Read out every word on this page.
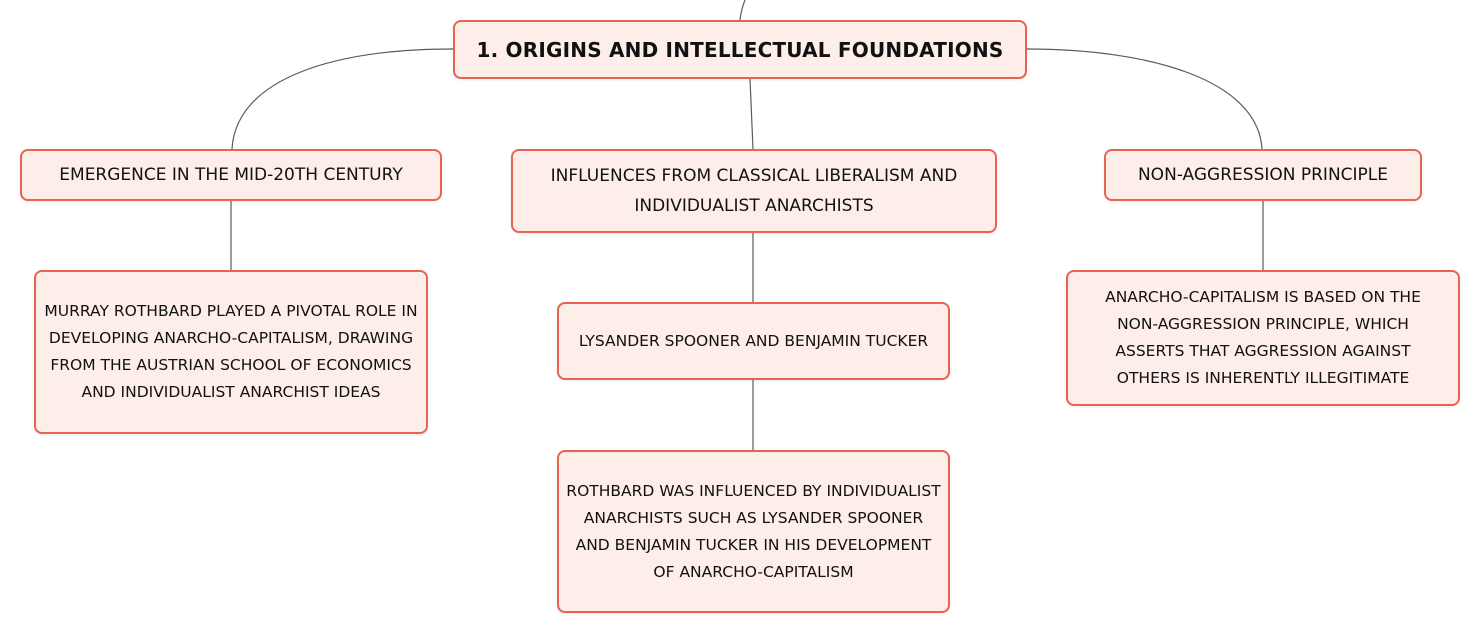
1. ORIGINS AND INTELLECTUAL FOUNDATIONS
EMERGENCE IN THE MID-20TH CENTURY	INFLUENCES FROM CLASSICAL LIBERALISM AND INDIVIDUALIST ANARCHISTS
NON-AGGRESSION PRINCIPLE
MURRAY ROTHBARD PLAYED A PIVOTAL ROLE IN DEVELOPING ANARCHO-CAPITALISM, DRAWING FROM THE AUSTRIAN SCHOOL OF ECONOMICS AND INDIVIDUALIST ANARCHIST IDEAS
LYSANDER SPOONER AND BENJAMIN TUCKER
ROTHBARD WAS INFLUENCED BY INDIVIDUALIST ANARCHISTS SUCH AS LYSANDER SPOONER AND BENJAMIN TUCKER IN HIS DEVELOPMENT OF ANARCHO-CAPITALISM
ANARCHO-CAPITALISM IS BASED ON THE NON-AGGRESSION PRINCIPLE, WHICH ASSERTS THAT AGGRESSION AGAINST OTHERS IS INHERENTLY ILLEGITIMATE
